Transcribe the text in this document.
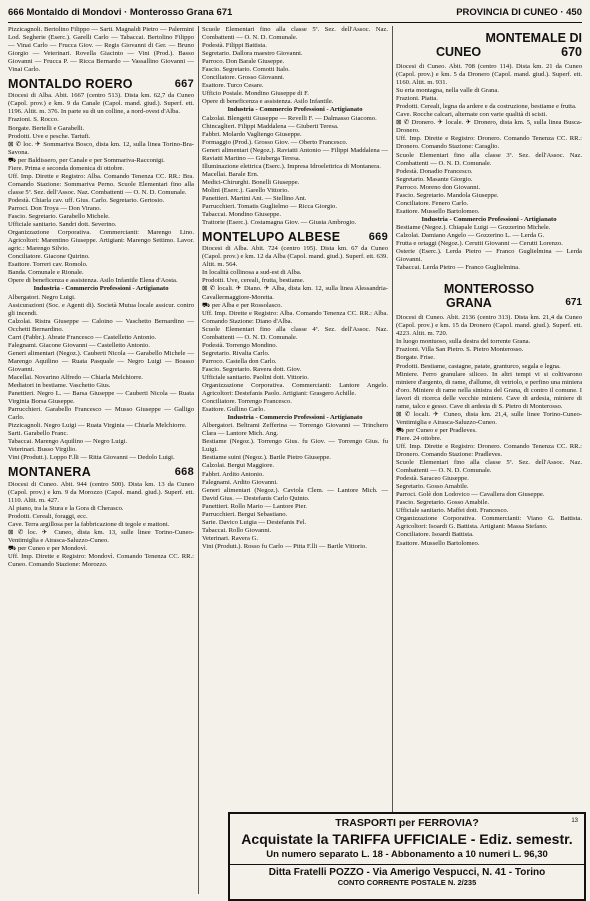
666 Montaldo di Mondovi · Monterosso Grana 671	PROVINCIA DI CUNEO · 450

Pizzicagnoli. Bertolino Filippo — Sarti. Magnaldi Pietro — Palermini Lod. Segherie (Eserc.). Garelli Carlo — Tabaccai. Bertolino Filippo — Vinai Carlo — Frucca Giov. — Regis Giovanni di Ger. — Bruno Giorgio — Veterinari. Rovella Giacinto — Vini (Prod.). Basso Giovanni — Frucca P. — Ricca Bernardo — Vassallino Giovanni — Vinai Carlo.

MONTALDO ROERO	667

Diocesi di Alba. Abit. 1667 (centro 513). Dista km. 62,7 da Cuneo (Capol. prov.) e km. 9 da Canale (Capol. mand. giud.). Superf. ett. 1196. Altit. m. 376. In parte su di un colline, a nord-ovest d'Alba.

Frazioni. S. Rocco.

Borgate. Bertelli e Garabelli.

Prodotti. Uve e pesche. Tartufi.

⊠ ✆ loc. ✈ Sommariva Bosco, dista km. 12, sulla linea Torino-Bra-Savona.

⛟ per Baldissero, per Canale e per Sommariva-Racconigi.

Fiere. Prima e seconda domenica di ottobre.

Uff. Imp. Dirette e Registro: Alba. Comando Tenenza CC. RR.: Bra. Comando Stazione: Sommariva Perno. Scuole Elementari fino alla classe 5ª. Sez. dell'Assoc. Naz. Combattenti — O. N. D. Comunale.

Podestà. Chiarla cav. uff. Gius. Carlo. Segretario. Gertosio.

Parroci. Don Troya — Don Virano.

Fascio. Segretario. Garabello Michele.

Ufficiale sanitario. Sandri dott. Severino.

Organizzazione Corporativa. Commercianti: Marengo Lino. Agricoltori: Marentino Giuseppe. Artigiani: Marengo Settimo. Lavor. agric.: Marengo Silvio.

Conciliatore. Giacone Quirino.

Esattore. Torreri cav. Romolo.

Banda. Comunale e Rionale.

Opere di beneficenza e assistenza. Asilo Infantile Elena d'Aosta.

Industria - Commercio Professioni - Artigianato

Albergatori. Negro Luigi.

Assicurazioni (Soc. e Agenti di). Società Mutua locale assicur. contro gli incendi.

Calzolai. Ristra Giuseppe — Caloino — Vaschetto Bernardino — Occhetti Bernardino.

Carri (Fabbr.). Abrate Francesco — Castelletto Antonio.

Falegnami. Giacone Giovanni — Castelletto Antonio.

Generi alimentari (Negoz.). Cauberti Nicola — Garabello Michele — Marengo Aquilino — Ruata Pasquale — Negro Luigi — Boasso Giovanni.

Macellai. Novarino Alfredo — Chiarla Melchiorre.

Mediatori in bestiame. Vaschetto Gius.

Panettieri. Negro L. — Barsa Giuseppe — Cauberti Nicola — Ruata Virginia Borsa Giuseppe.

Parrucchieri. Garabello Francesco — Musso Giuseppe — Galligo Carlo.

Pizzicagnoli. Negro Luigi — Ruata Virginia — Chiarla Melchiorre.

Sarti. Garabello Franc.

Tabaccai. Marengo Aquilino — Negro Luigi.

Veterinari. Busso Virgilio.

Vini (Produtt.). Loppo F.lli — Ritta Giovanni — Dedolo Luigi.

MONTANERA	668

Diocesi di Cuneo. Abit. 944 (centro 500). Dista km. 13 da Cuneo (Capol. prov.) e km. 9 da Morozzo (Capol. mand. giud.). Superf. ett. 1110. Altit. m. 427.

Al piano, tra la Stura e la Gora di Cherasco.

Prodotti. Cereali, foraggi, ecc.

Cave. Terra argillosa per la fabbricazione di tegole e mattoni.

⊠ ✆ loc. ✈ Cuneo, dista km. 13, sulle linee Torino-Cuneo-Ventimiglia e Airasca-Saluzzo-Cuneo.

⛟ per Cuneo e per Mondovì.

Uff. Imp. Dirette e Registro: Mondovì. Comando Tenenza CC. RR.: Cuneo. Comando Stazione: Morozzo.

Scuole Elementari fino alla classe 5ª. Sez. dell'Assoc. Naz. Combattenti — O. N. D. Comunale.

Podestà. Filippi Battista.

Segretario. Dallora maestro Giovanni.

Parroco. Don Barale Giuseppe.

Fascio. Segretario. Comotti Italo.

Conciliatore. Grosso Giovanni.

Esattore. Turco Cesare.

Ufficio Postale. Mondino Giuseppe di F.

Opere di beneficenza e assistenza. Asilo Infantile.

Industria - Commercio Professioni - Artigianato

Calzolai. Blengetti Giuseppe — Revelli F. — Dalmasso Giacomo.

Chincaglieri. Filippi Maddalena — Giuberti Teresa.

Fabbri. Molardo Vagliengo Giuseppe.

Formaggio (Prod.). Grosso Giov. — Oberto Francesco.

Generi alimentari (Negoz.). Raviatti Antonio — Filippi Maddalena — Raviatti Martino — Giuberga Teresa.

Illuminazione elettrica (Eserc.). Impresa Idroelettrica di Montanera.

Macellai. Barale Ern.

Medici-Chirurghi. Bonelli Giuseppe.

Molini (Eserc.). Garello Vittorio.

Panettieri. Martini Ant. — Stellino Ant.

Parrucchieri. Tomatis Guglielmo — Ricca Giorgio.

Tabaccai. Mondino Giuseppe.

Trattorie (Eserc.). Costamagna Giov. — Giusta Ambrogio.

MONTELUPO ALBESE	669

Diocesi di Alba. Abit. 724 (centro 195). Dista km. 67 da Cuneo (Capol. prov.) e km. 12 da Alba (Capol. mand. giud.). Superf. ett. 639. Altit. m. 564.

In località collinosa a sud-est di Alba.

Prodotti. Uve, cereali, frutta, bestiame.

⊠ ✆ locali. ✈ Diano. ✈ Alba, dista km. 12, sulla linea Alessandria-Cavallermaggiore-Moretta.

⛟ per Alba e per Rossolasco.

Uff. Imp. Dirette e Registro: Alba. Comando Tenenza CC. RR.: Alba. Comando Stazione: Diano d'Alba.

Scuole Elementari fino alla classe 4ª. Sez. dell'Assoc. Naz. Combattenti — O. N. D. Comunale.

Podestà. Torrengo Mondino.

Segretario. Rivalta Carlo.

Parroco. Castella don Carlo.

Fascio. Segretario. Ravera dott. Giov.

Ufficiale sanitario. Paolini dott. Vittorio.

Organizzazione Corporativa. Commercianti: Lantore Angelo. Agricoltori: Destefanis Paolo. Artigiani: Grasgero Achille.

Conciliatore. Torrengo Francesco.

Esattore. Gullino Carlo.

Industria - Commercio Professioni - Artigianato

Albergatori. Beltrami Zefferina — Torrengo Giovanni — Trinchero Clara — Lantore Mich. Ang.

Bestiame (Negoz.). Torrengo Gius. fu Giov. — Torrengo Gius. fu Luigi.

Bestiame suini (Negoz.). Barile Pietro Giuseppe.

Calzolai. Bergui Maggiore.

Fabbri. Ardito Antonio.

Falegnami. Ardito Giovanni.

Generi alimentari (Negoz.). Caviola Clem. — Lantore Mich. — David Gius. — Destefanis Carlo Quinto.

Panettieri. Rollo Mario — Lantore Pier.

Parrucchieri. Bergui Sebastiano.

Sarte. Davico Luigia — Destefanis Fel.

Tabaccai. Rollo Giovanni.

Veterinari. Ravera G.

Vini (Produtt.). Rosso fu Carlo — Pitta F.lli — Barile Vittorio.

MONTEMALE DI
CUNEO	670

Diocesi di Cuneo. Abit. 708 (centro 114). Dista km. 21 da Cuneo (Capol. prov.) e km. 5 da Dronero (Capol. mand. giud.). Superf. ett. 1160. Altit. m. 931.

Su erta montagna, nella valle di Grana.

Frazioni. Piatta.

Prodotti. Cereali, legna da ardere e da costruzione, bestiame e frutta.

Cave. Rocche calcari, alternate con varie qualità di scisti.

⊠ ✆ Dronero. ✈ locale. ✈ Dronero, dista km. 5, sulla linea Busca-Dronero.

Uff. Imp. Dirette e Registro: Dronero. Comando Tenenza CC. RR.: Dronero. Comando Stazione: Caraglio.

Scuole Elementari fino alla classe 3ª. Sez. dell'Assoc. Naz. Combattenti — O. N. D. Comunale.

Podestà. Donadio Francesco.

Segretario. Masante Giorgio.

Parroco. Moreno don Giovanni.

Fascio. Segretario. Mandola Giuseppe.

Conciliatore. Fenero Carlo.

Esattore. Mussello Bartolomeo.

Industria - Commercio Professioni - Artigianato

Bestiame (Negoz.). Chiapale Luigi — Gozzerino Michele.

Calzolai. Damiano Angelo — Gozzerino L. — Lerda G.

Frutta e ortaggi (Negoz.). Cerutti Giovanni — Cerutti Lorenzo.

Osterie (Eserc.). Lerda Pietro — Franco Guglielmina — Lerda Giovanni.

Tabaccai. Lerda Pietro — Franco Guglielmina.

MONTEROSSO
GRANA	671

Diocesi di Cuneo. Abit. 2136 (centro 313). Dista km. 21,4 da Cuneo (Capol. prov.) e km. 15 da Dronero (Capol. mand. giud.). Superf. ett. 4223. Altit. m. 720.

In luogo montuoso, sulla destra del torrente Grana.

Frazioni. Villa San Pietro. S. Pietro Monterosso.

Borgate. Frise.

Prodotti. Bestiame, castagne, patate, granturco, segala e legna.

Miniere. Ferro granulare siliceo. In altri tempi vi si coltivarono miniere d'argento, di rame, d'allume, di vetriolo, e perfino una miniera d'oro. Miniere di rame nella sinistra del Grana, di contro il comune. I lavori di ricerca delle vecchie miniere. Cave di ardesia, miniere di rame, talco e gesso. Cave di ardesia di S. Pietro di Monterosso.

⊠ ✆ locali. ✈ Cuneo, dista km. 21,4, sulle linee Torino-Cuneo-Ventimiglia e Airasca-Saluzzo-Cuneo.

⛟ per Cuneo e per Pradleves.

Fiere. 24 ottobre.

Uff. Imp. Dirette e Registro: Dronero. Comando Tenenza CC. RR.: Dronero. Comando Stazione: Pradleves.

Scuole Elementari fino alla classe 5ª. Sez. dell'Assoc. Naz. Combattenti — O. N. D. Comunale.

Podestà. Saraceo Giuseppe.

Segretario. Gosso Amabile.

Parroci. Golè don Lodovico — Cavallera don Giuseppe.

Fascio. Segretario. Gosso Amabile.

Ufficiale sanitario. Maffei dott. Francesco.

Organizzazione Corporativa. Commercianti: Viano G. Battista. Agricoltori: Isoardi G. Battista. Artigiani: Massa Stefano.

Conciliatore. Isoardi Battista.

Esattore. Mussello Bartolomeo.

13
TRASPORTI per FERROVIA?
Acquistate la TARIFFA UFFICIALE - Ediz. semestr.
Un numero separato L. 18 - Abbonamento a 10 numeri L. 96,30
Ditta Fratelli POZZO - Via Amerigo Vespucci, N. 41 - Torino
CONTO CORRENTE POSTALE N. 2/235
